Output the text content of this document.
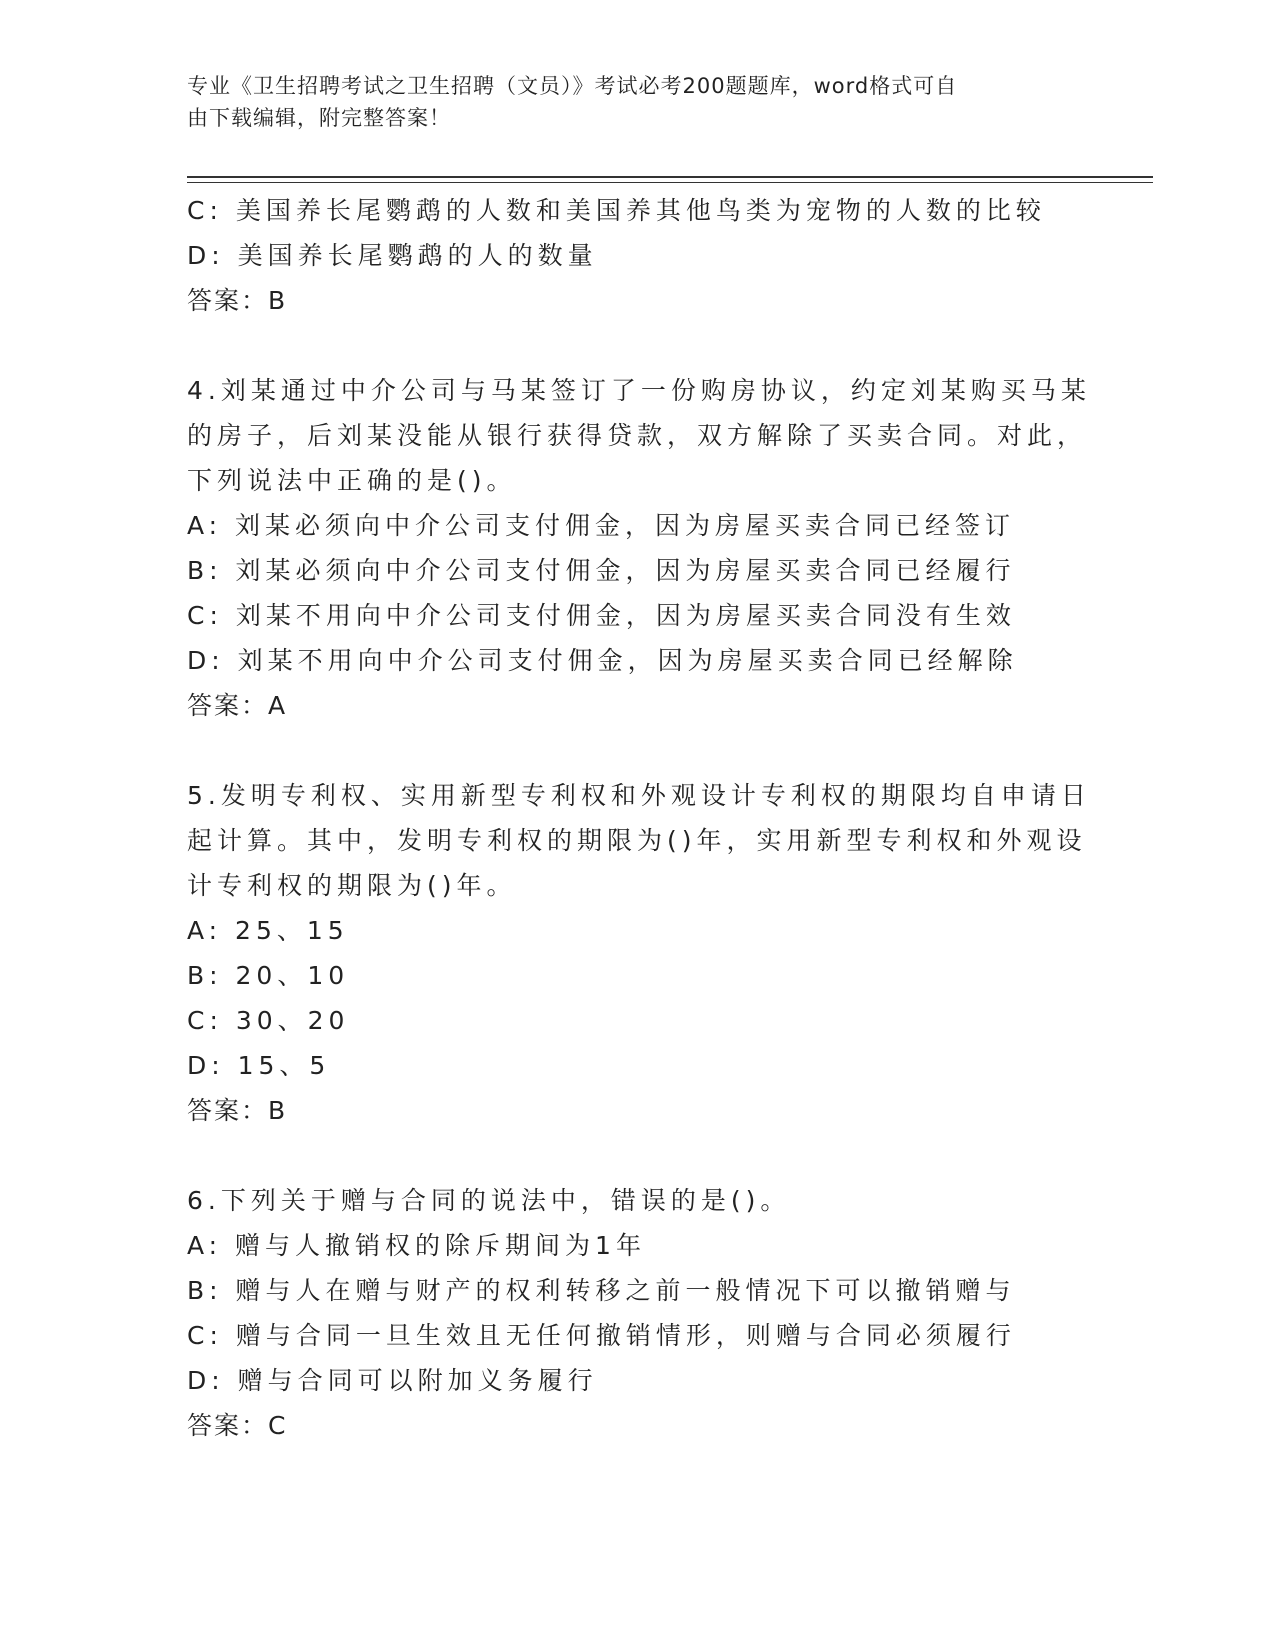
专业《卫生招聘考试之卫生招聘（文员）》考试必考200题题库，word格式可自
由下载编辑，附完整答案！
C: 美国养长尾鹦鹉的人数和美国养其他鸟类为宠物的人数的比较
D: 美国养长尾鹦鹉的人的数量
答案：B
4.刘某通过中介公司与马某签订了一份购房协议，约定刘某购买马某
的房子，后刘某没能从银行获得贷款，双方解除了买卖合同。对此，
下列说法中正确的是()。
A: 刘某必须向中介公司支付佣金，因为房屋买卖合同已经签订
B: 刘某必须向中介公司支付佣金，因为房屋买卖合同已经履行
C: 刘某不用向中介公司支付佣金，因为房屋买卖合同没有生效
D: 刘某不用向中介公司支付佣金，因为房屋买卖合同已经解除
答案：A
5.发明专利权、实用新型专利权和外观设计专利权的期限均自申请日
起计算。其中，发明专利权的期限为()年，实用新型专利权和外观设
计专利权的期限为()年。
A: 25、15
B: 20、10
C: 30、20
D: 15、5
答案：B
6.下列关于赠与合同的说法中，错误的是()。
A: 赠与人撤销权的除斥期间为1年
B: 赠与人在赠与财产的权利转移之前一般情况下可以撤销赠与
C: 赠与合同一旦生效且无任何撤销情形，则赠与合同必须履行
D: 赠与合同可以附加义务履行
答案：C
